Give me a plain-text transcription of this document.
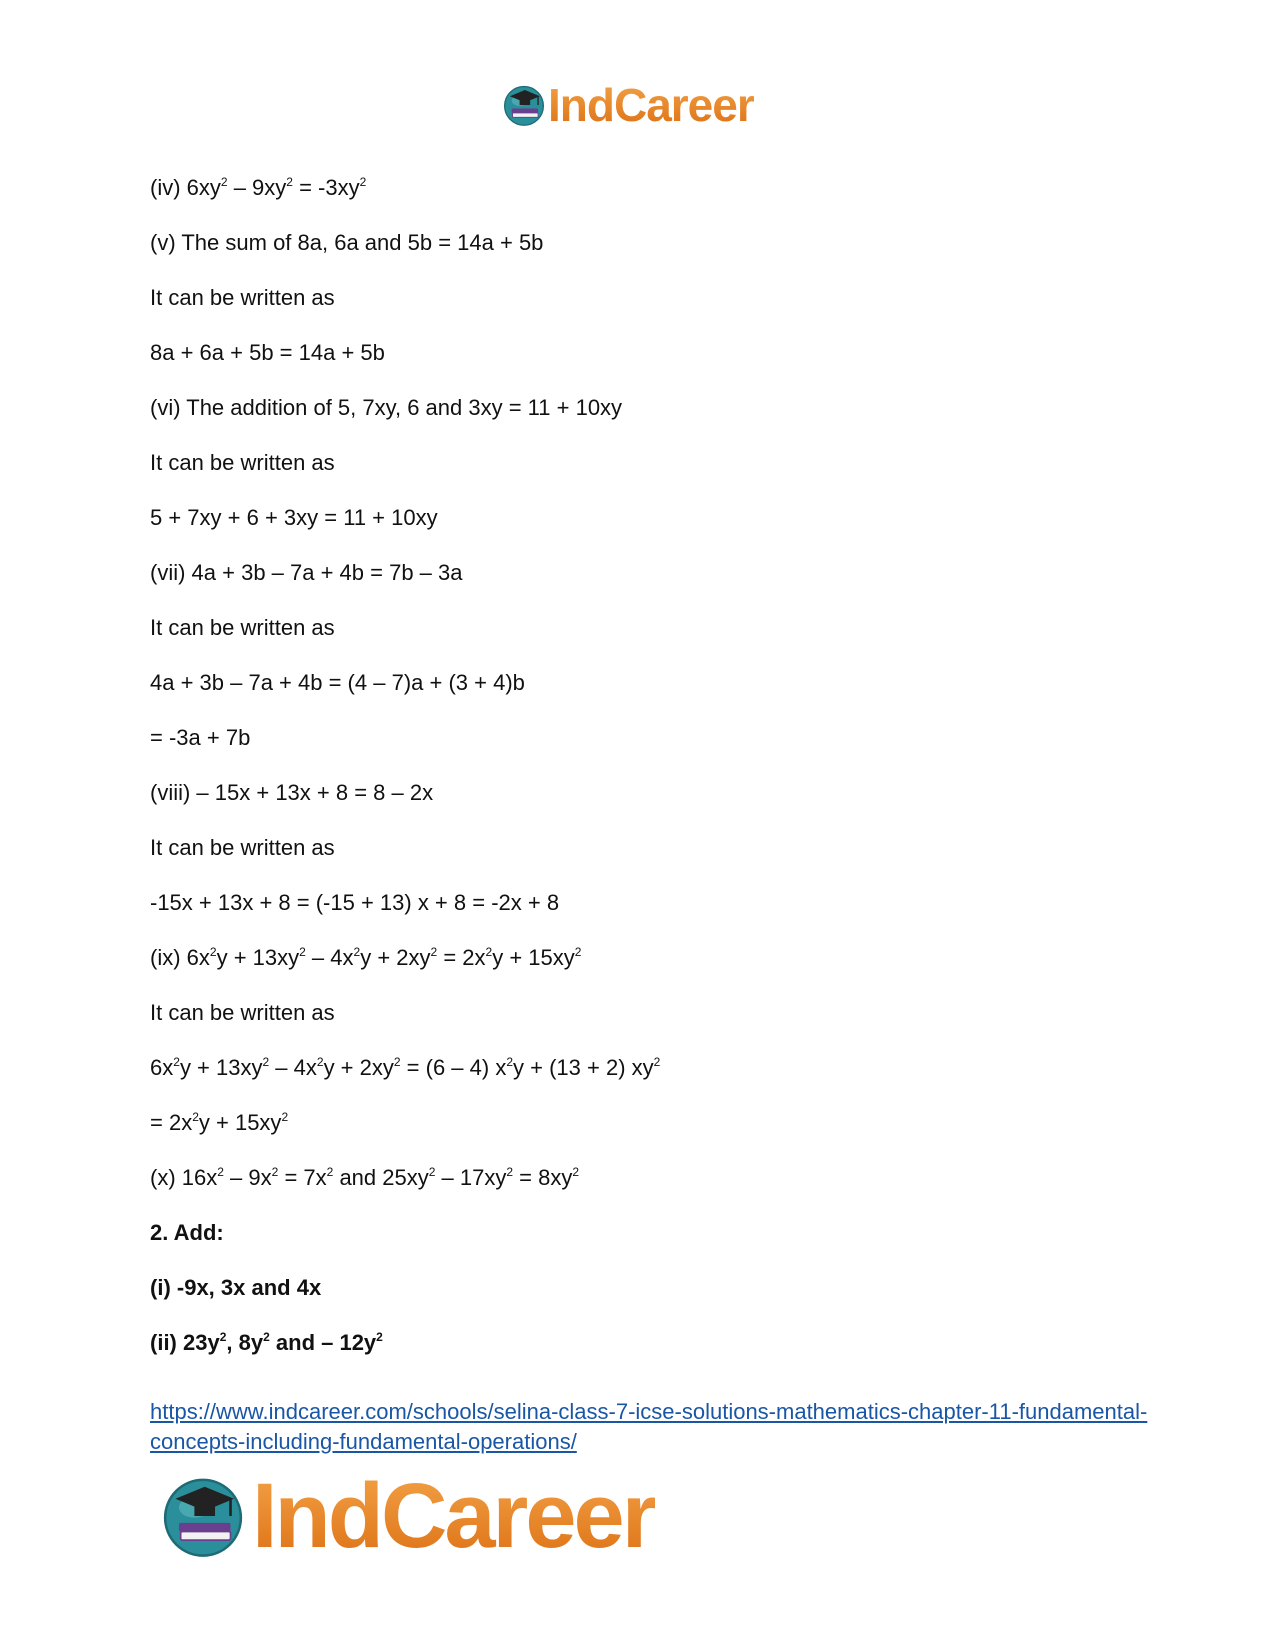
IndCareer
(iv) $6xy^2 - 9xy^2 = -3xy^2$
(v) The sum of 8a, 6a and 5b = 14a + 5b
It can be written as
8a + 6a + 5b = 14a + 5b
(vi) The addition of 5, 7xy, 6 and 3xy = 11 + 10xy
It can be written as
5 + 7xy + 6 + 3xy = 11 + 10xy
(vii) 4a + 3b – 7a + 4b = 7b – 3a
It can be written as
4a + 3b – 7a + 4b = (4 – 7)a + (3 + 4)b
= -3a + 7b
(viii) – 15x + 13x + 8 = 8 – 2x
It can be written as
-15x + 13x + 8 = (-15 + 13) x + 8 = -2x + 8
(ix) $6x^2y + 13xy^2 - 4x^2y + 2xy^2 = 2x^2y + 15xy^2$
It can be written as
$6x^2y + 13xy^2 - 4x^2y + 2xy^2 = (6 - 4) x^2y + (13 + 2)$ $xy^2$
= $2x^2y + 15xy^2$
(x) $16x^2 - 9x^2 = 7x^2$ and $25xy^2 - 17xy^2 = 8xy^2$
2. Add:
(i) -9x, 3x and 4x
(ii) $23y^2$, $8y^2$ and – $12y^2$
https://www.indcareer.com/schools/selina-class-7-icse-solutions-mathematics-chapter-11-fundamental-concepts-including-fundamental-operations/
IndCareer
